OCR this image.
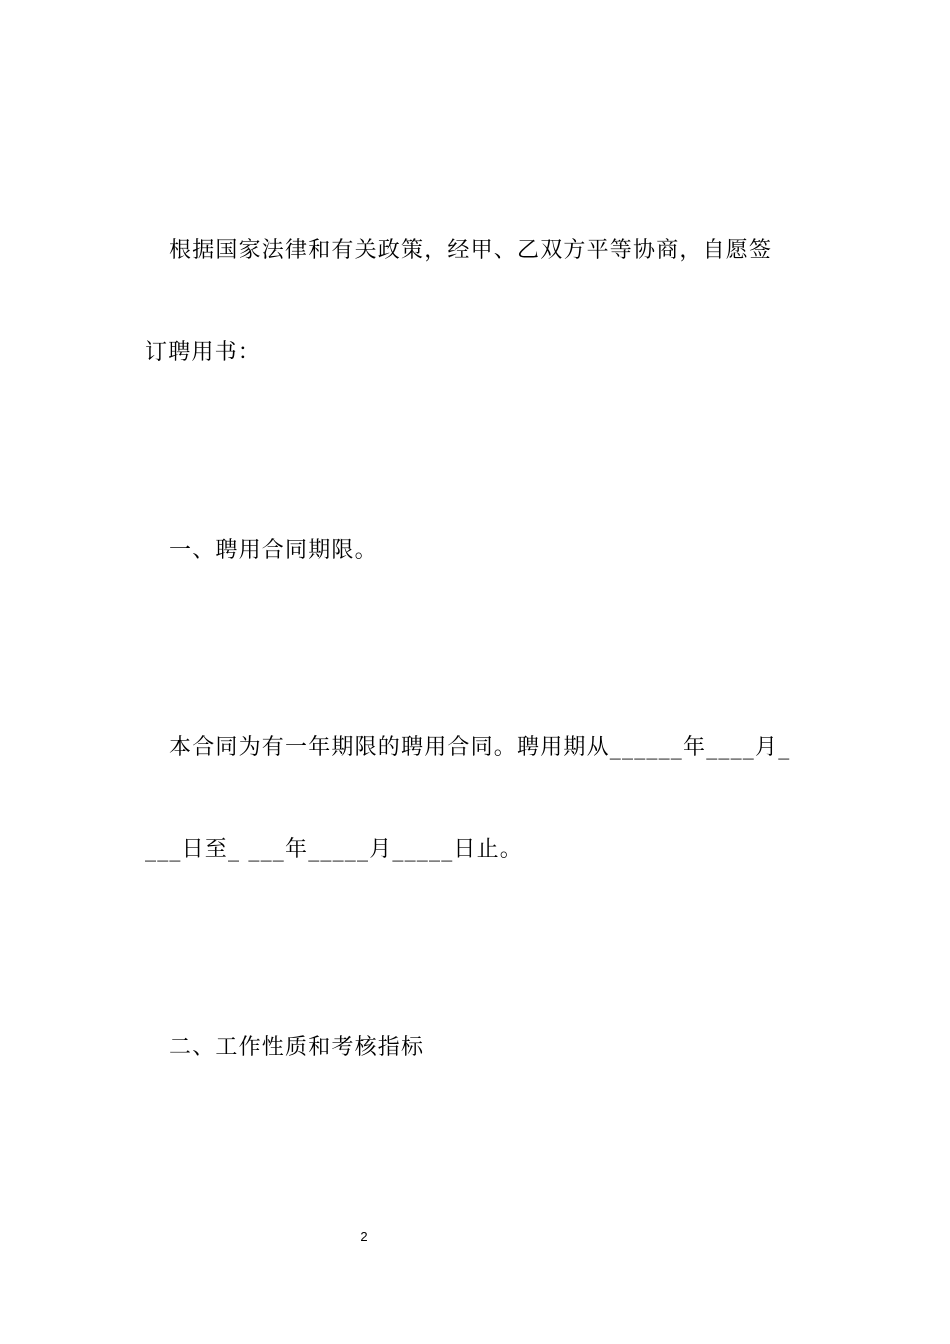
根据国家法律和有关政策，经甲、乙双方平等协商，自愿签
订聘用书：
一、聘用合同期限。
本合同为有一年期限的聘用合同。聘用期从______年____月_
___日至_ ___年_____月_____日止。
二、工作性质和考核指标
2
